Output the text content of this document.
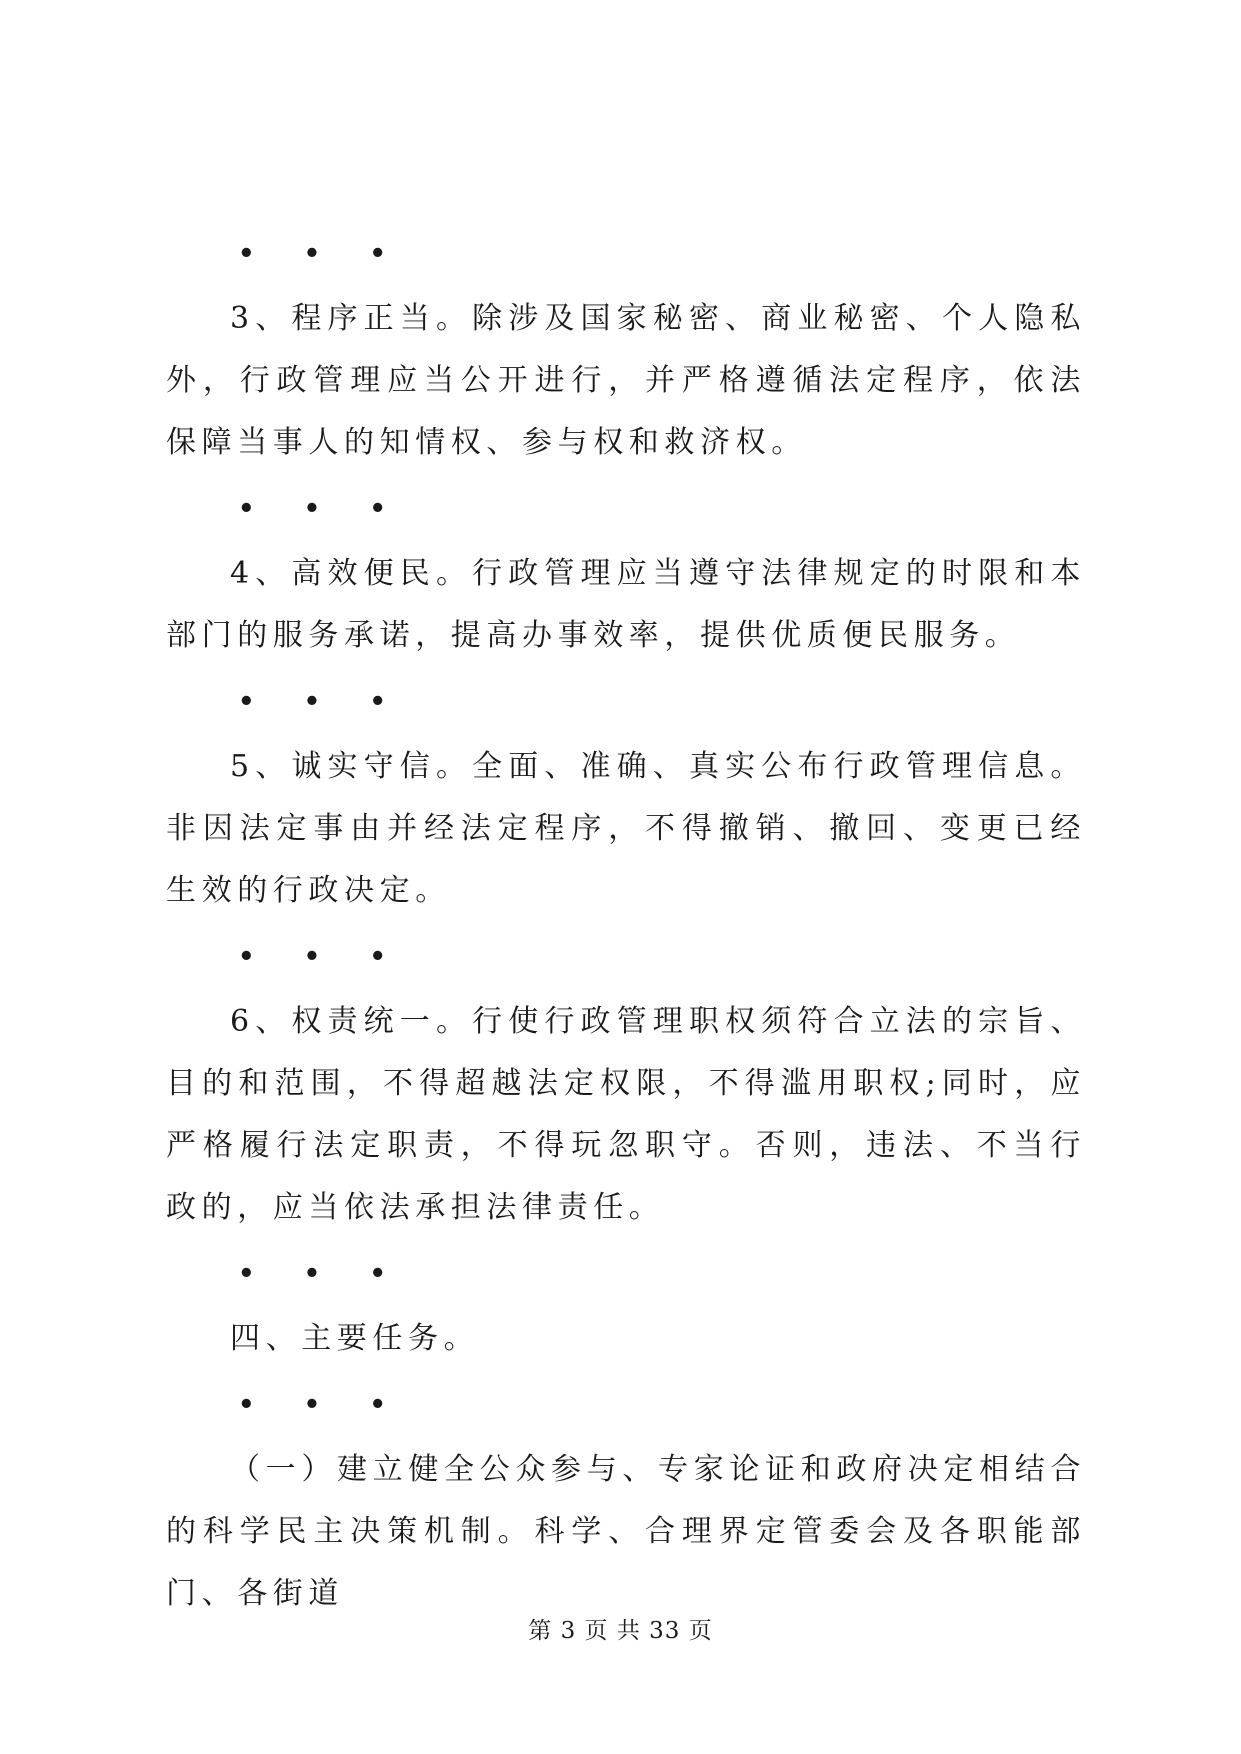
• • •

3、程序正当。除涉及国家秘密、商业秘密、个人隐私外，行政管理应当公开进行，并严格遵循法定程序，依法保障当事人的知情权、参与权和救济权。

• • •

4、高效便民。行政管理应当遵守法律规定的时限和本部门的服务承诺，提高办事效率，提供优质便民服务。

• • •

5、诚实守信。全面、准确、真实公布行政管理信息。非因法定事由并经法定程序，不得撤销、撤回、变更已经生效的行政决定。

• • •

6、权责统一。行使行政管理职权须符合立法的宗旨、目的和范围，不得超越法定权限，不得滥用职权;同时，应严格履行法定职责，不得玩忽职守。否则，违法、不当行政的，应当依法承担法律责任。

• • •

四、主要任务。

• • •

（一）建立健全公众参与、专家论证和政府决定相结合的科学民主决策机制。科学、合理界定管委会及各职能部门、各街道

第 3 页 共 33 页
